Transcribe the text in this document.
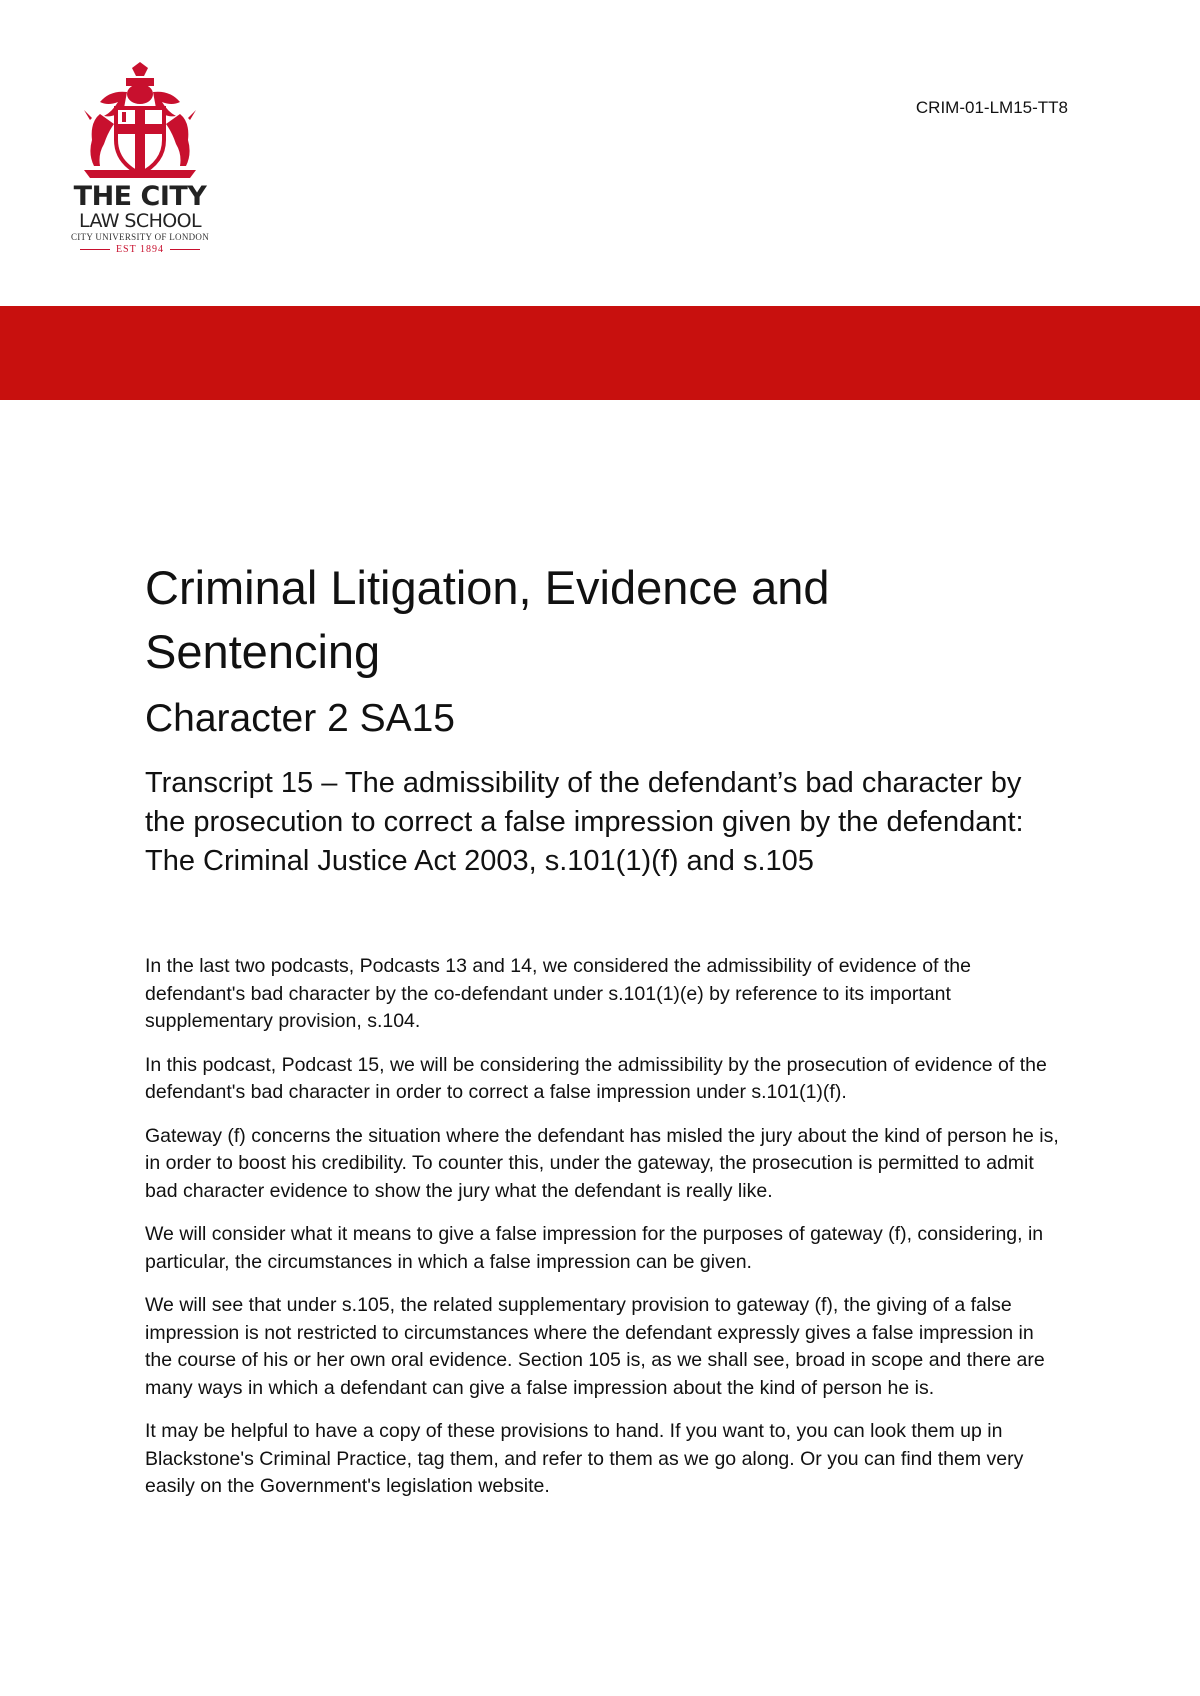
THE CITY
LAW SCHOOL
CITY UNIVERSITY OF LONDON
EST 1894
CRIM-01-LM15-TT8
Criminal Litigation, Evidence and Sentencing
Character 2 SA15
Transcript 15 – The admissibility of the defendant’s bad character by the prosecution to correct a false impression given by the defendant: The Criminal Justice Act 2003, s.101(1)(f) and s.105

In the last two podcasts, Podcasts 13 and 14, we considered the admissibility of evidence of the defendant's bad character by the co-defendant under s.101(1)(e) by reference to its important supplementary provision, s.104.

In this podcast, Podcast 15, we will be considering the admissibility by the prosecution of evidence of the defendant's bad character in order to correct a false impression under s.101(1)(f).

Gateway (f) concerns the situation where the defendant has misled the jury about the kind of person he is, in order to boost his credibility. To counter this, under the gateway, the prosecution is permitted to admit bad character evidence to show the jury what the defendant is really like.

We will consider what it means to give a false impression for the purposes of gateway (f), considering, in particular, the circumstances in which a false impression can be given.

We will see that under s.105, the related supplementary provision to gateway (f), the giving of a false impression is not restricted to circumstances where the defendant expressly gives a false impression in the course of his or her own oral evidence. Section 105 is, as we shall see, broad in scope and there are many ways in which a defendant can give a false impression about the kind of person he is.

It may be helpful to have a copy of these provisions to hand. If you want to, you can look them up in Blackstone's Criminal Practice, tag them, and refer to them as we go along. Or you can find them very easily on the Government's legislation website.
